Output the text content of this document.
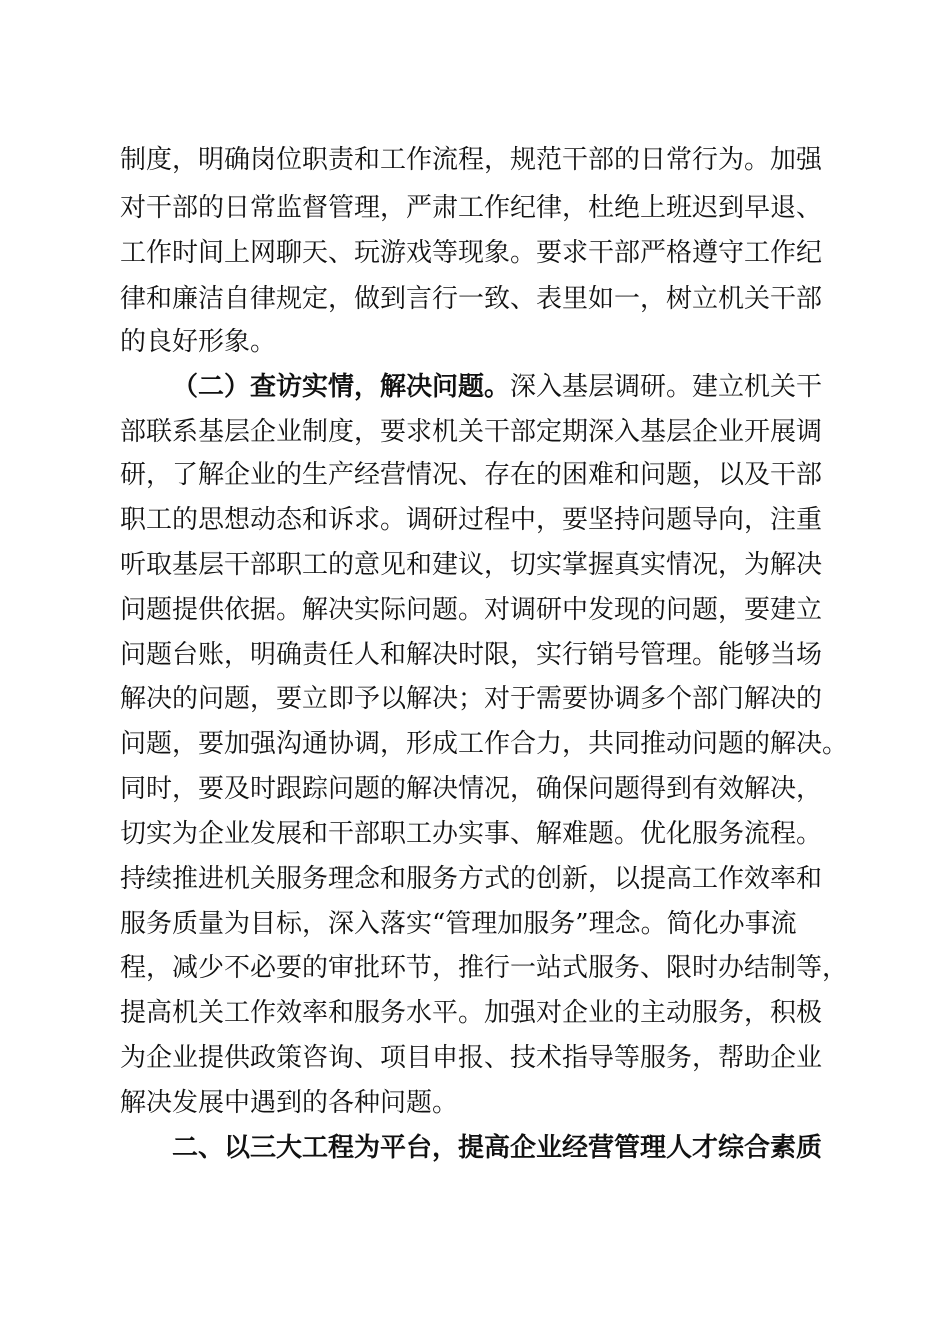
制度，明确岗位职责和工作流程，规范干部的日常行为。加强
对干部的日常监督管理，严肃工作纪律，杜绝上班迟到早退、
工作时间上网聊天、玩游戏等现象。要求干部严格遵守工作纪
律和廉洁自律规定，做到言行一致、表里如一，树立机关干部
的良好形象。
（二）查访实情，解决问题。深入基层调研。建立机关干
部联系基层企业制度，要求机关干部定期深入基层企业开展调
研，了解企业的生产经营情况、存在的困难和问题，以及干部
职工的思想动态和诉求。调研过程中，要坚持问题导向，注重
听取基层干部职工的意见和建议，切实掌握真实情况，为解决
问题提供依据。解决实际问题。对调研中发现的问题，要建立
问题台账，明确责任人和解决时限，实行销号管理。能够当场
解决的问题，要立即予以解决；对于需要协调多个部门解决的
问题，要加强沟通协调，形成工作合力，共同推动问题的解决。
同时，要及时跟踪问题的解决情况，确保问题得到有效解决，
切实为企业发展和干部职工办实事、解难题。优化服务流程。
持续推进机关服务理念和服务方式的创新，以提高工作效率和
服务质量为目标，深入落实“管理加服务”理念。简化办事流
程，减少不必要的审批环节，推行一站式服务、限时办结制等，
提高机关工作效率和服务水平。加强对企业的主动服务，积极
为企业提供政策咨询、项目申报、技术指导等服务，帮助企业
解决发展中遇到的各种问题。
二、以三大工程为平台，提高企业经营管理人才综合素质
